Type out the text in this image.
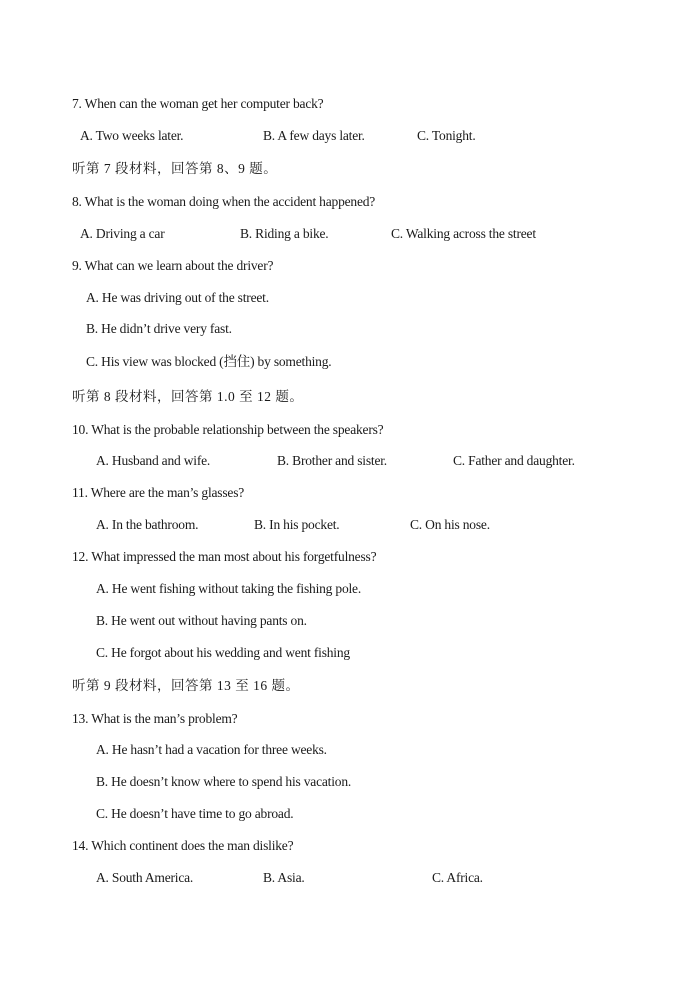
7. When can the woman get her computer back?
A. Two weeks later.	B. A few days later.	C. Tonight.
听第 7 段材料，回答第 8、9 题。
8. What is the woman doing when the accident happened?
A. Driving a car	B. Riding a bike.	C. Walking across the street
9. What can we learn about the driver?
A. He was driving out of the street.
B. He didn’t drive very fast.
C. His view was blocked (挡住) by something.
听第 8 段材料，回答第 1.0 至 12 题。
10. What is the probable relationship between the speakers?
A. Husband and wife.	B. Brother and sister.	C. Father and daughter.
11. Where are the man’s glasses?
A. In the bathroom.	B. In his pocket.	C. On his nose.
12. What impressed the man most about his forgetfulness?
A. He went fishing without taking the fishing pole.
B. He went out without having pants on.
C. He forgot about his wedding and went fishing
听第 9 段材料，回答第 13 至 16 题。
13. What is the man’s problem?
A. He hasn’t had a vacation for three weeks.
B. He doesn’t know where to spend his vacation.
C. He doesn’t have time to go abroad.
14. Which continent does the man dislike?
A. South America.	B. Asia.	C. Africa.
